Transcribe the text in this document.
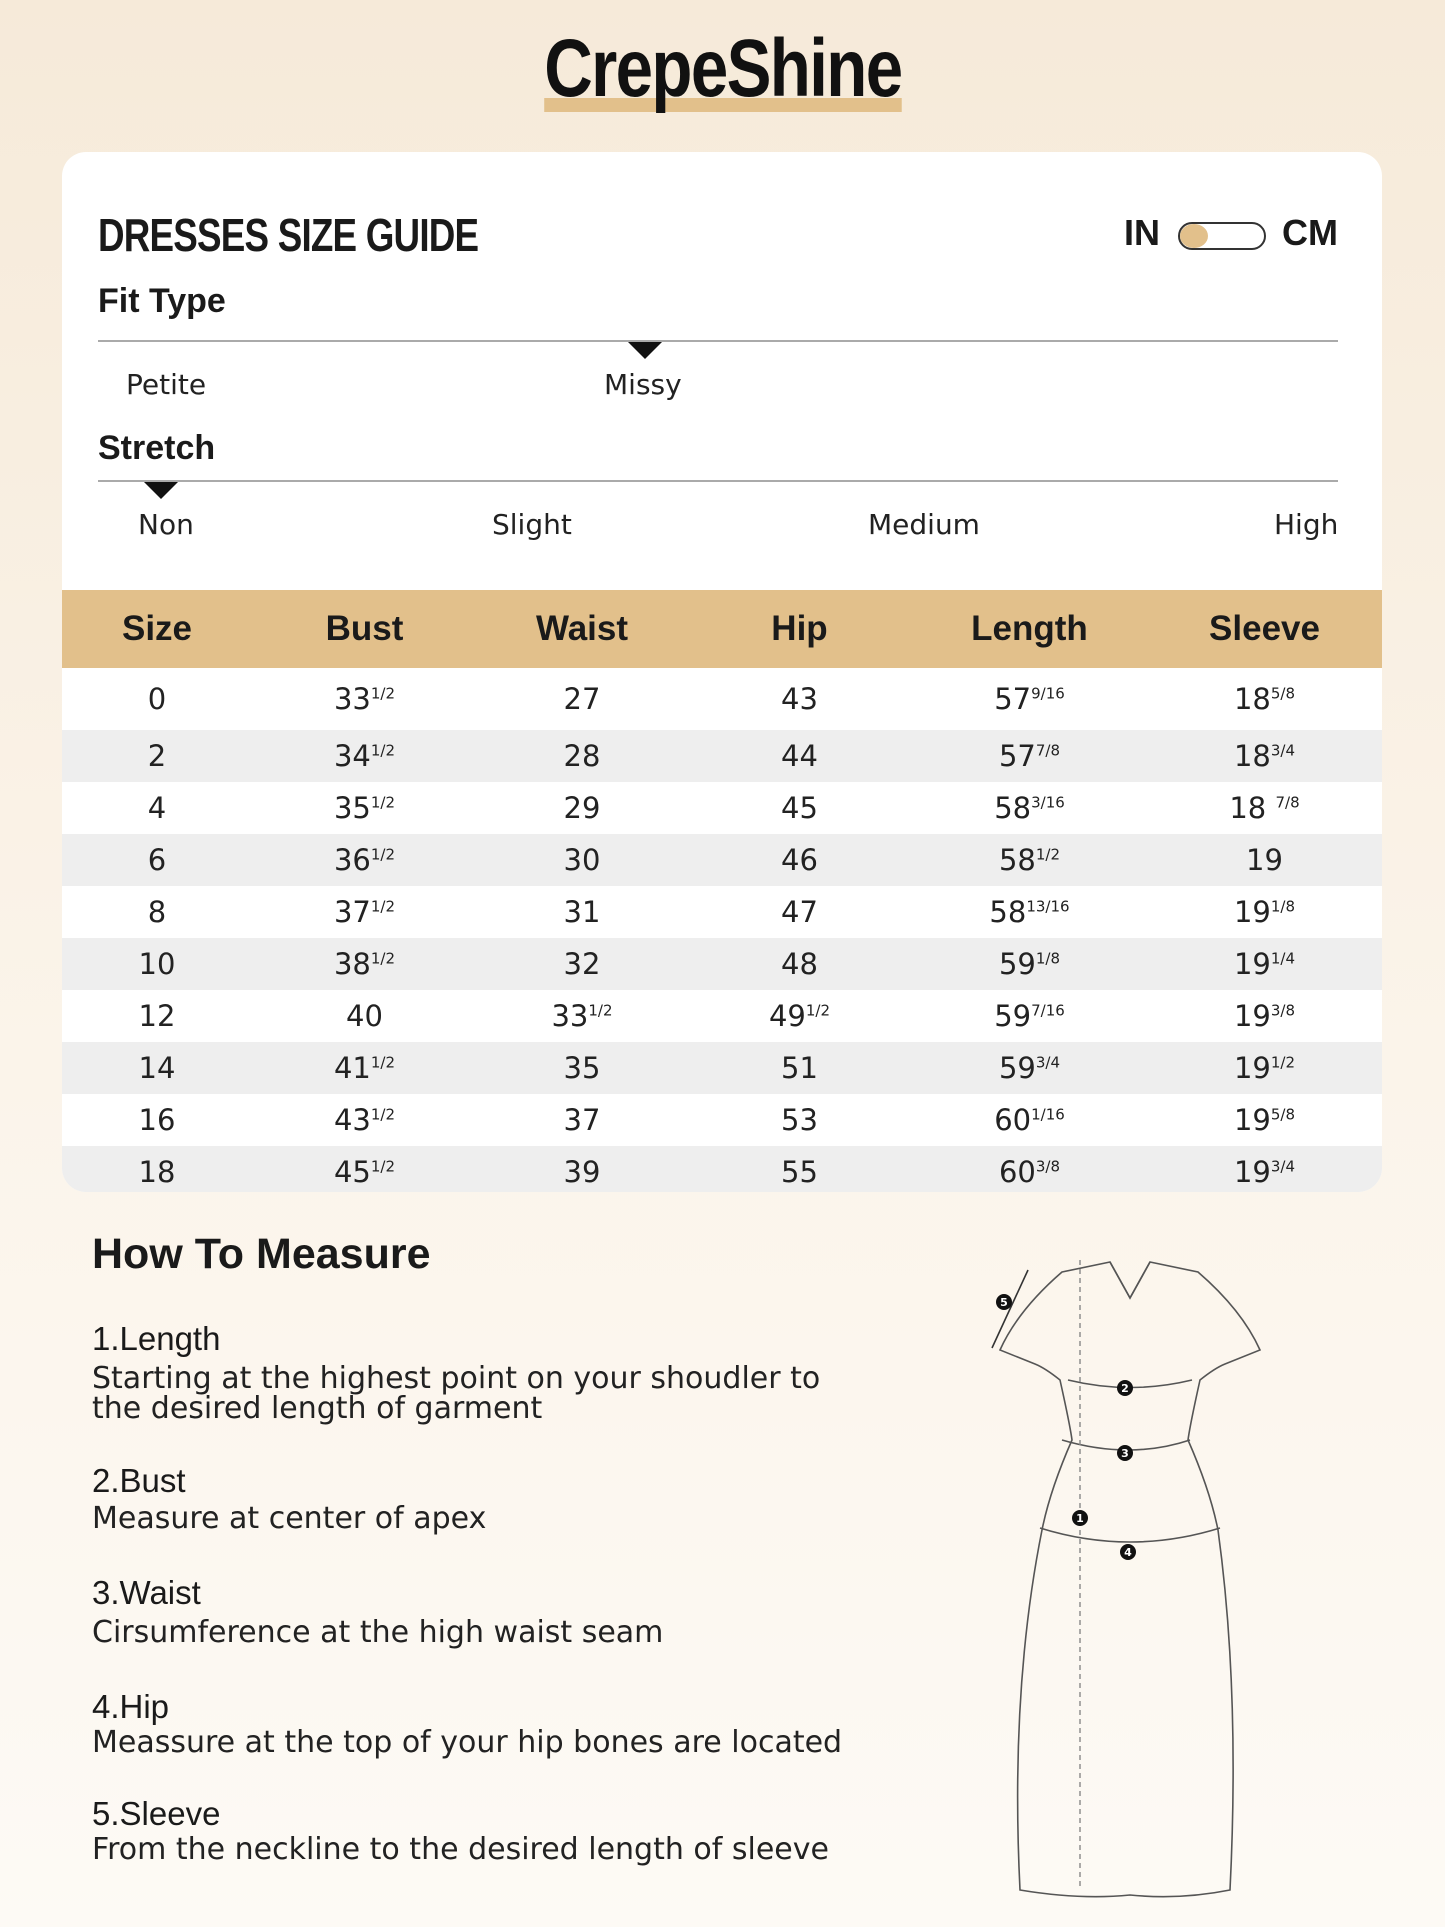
CrepeShine
DRESSES SIZE GUIDE	IN	CM
Fit Type
Petite	Missy
Stretch
Non	Slight	Medium	High
Size	Bust	Waist	Hip	Length	Sleeve
0	$33^{1/2}$	27	43	$57^{9/16}$	$18^{5/8}$
2	$34^{1/2}$	28	44	$57^{7/8}$	$18^{3/4}$
4	$35^{1/2}$	29	45	$58^{3/16}$	18 $^{7/8}$
6	$36^{1/2}$	30	46	$58^{1/2}$	19
8	$37^{1/2}$	31	47	$58^{13/16}$	$19^{1/8}$
10	$38^{1/2}$	32	48	$59^{1/8}$	$19^{1/4}$
12	40	$33^{1/2}$	$49^{1/2}$	$59^{7/16}$	$19^{3/8}$
14	$41^{1/2}$	35	51	$59^{3/4}$	$19^{1/2}$
16	$43^{1/2}$	37	53	$60^{1/16}$	$19^{5/8}$
18	$45^{1/2}$	39	55	$60^{3/8}$	$19^{3/4}$
How To Measure
1.Length
Starting at the highest point on your shoudler to the desired length of garment
2.Bust
Measure at center of apex
3.Waist
Cirsumference at the high waist seam
4.Hip
Meassure at the top of your hip bones are located
5.Sleeve
From the neckline to the desired length of sleeve
1
2
3
4
5
